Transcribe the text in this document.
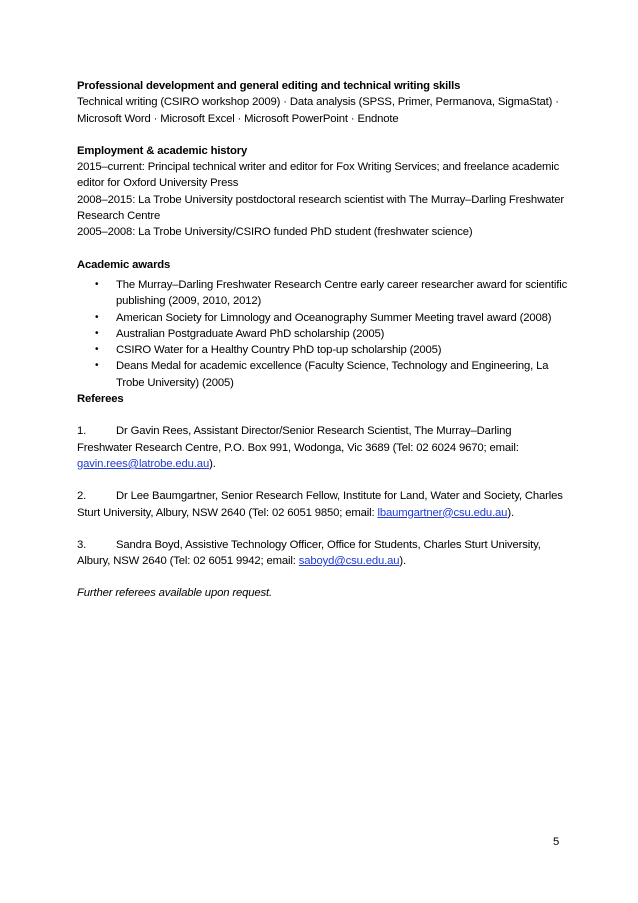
Professional development and general editing and technical writing skills

Technical writing (CSIRO workshop 2009) · Data analysis (SPSS, Primer, Permanova, SigmaStat) ·

Microsoft Word · Microsoft Excel · Microsoft PowerPoint · Endnote

Employment & academic history

2015–current: Principal technical writer and editor for Fox Writing Services; and freelance academic editor for Oxford University Press

2008–2015: La Trobe University postdoctoral research scientist with The Murray–Darling Freshwater Research Centre

2005–2008: La Trobe University/CSIRO funded PhD student (freshwater science)

Academic awards

• The Murray–Darling Freshwater Research Centre early career researcher award for scientific publishing (2009, 2010, 2012)
• American Society for Limnology and Oceanography Summer Meeting travel award (2008)
• Australian Postgraduate Award PhD scholarship (2005)
• CSIRO Water for a Healthy Country PhD top-up scholarship (2005)
• Deans Medal for academic excellence (Faculty Science, Technology and Engineering, La Trobe University) (2005)

Referees

1.	Dr Gavin Rees, Assistant Director/Senior Research Scientist, The Murray–Darling Freshwater Research Centre, P.O. Box 991, Wodonga, Vic 3689 (Tel: 02 6024 9670; email: gavin.rees@latrobe.edu.au).

2.	Dr Lee Baumgartner, Senior Research Fellow, Institute for Land, Water and Society, Charles Sturt University, Albury, NSW 2640 (Tel: 02 6051 9850; email: lbaumgartner@csu.edu.au).

3.	Sandra Boyd, Assistive Technology Officer, Office for Students, Charles Sturt University, Albury, NSW 2640 (Tel: 02 6051 9942; email: saboyd@csu.edu.au).

Further referees available upon request.

5
